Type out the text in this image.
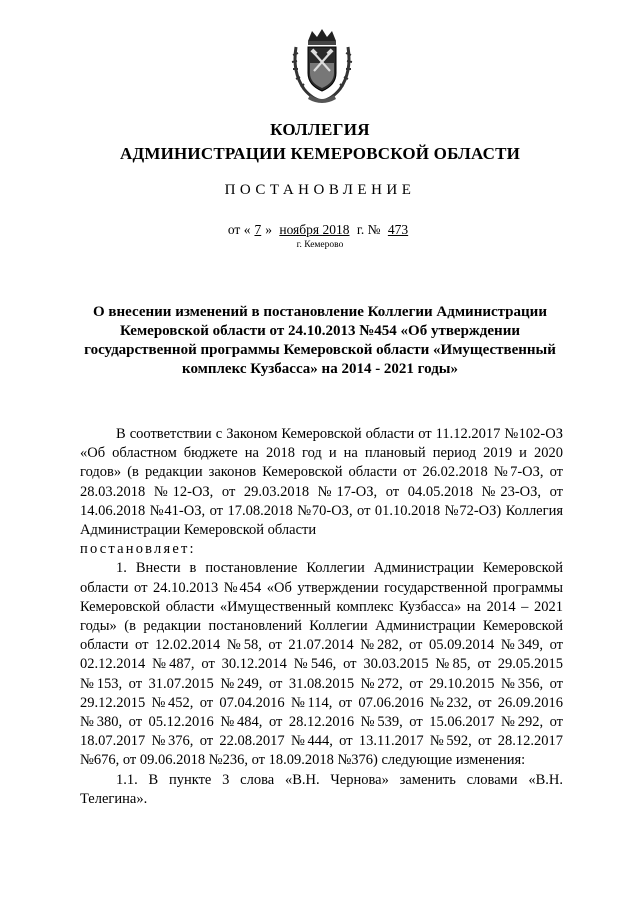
КОЛЛЕГИЯ
АДМИНИСТРАЦИИ КЕМЕРОВСКОЙ ОБЛАСТИ
ПОСТАНОВЛЕНИЕ
от « 7 » ноября 2018 г. № 473
г. Кемерово
О внесении изменений в постановление Коллегии Администрации Кемеровской области от 24.10.2013 №454 «Об утверждении государственной программы Кемеровской области «Имущественный комплекс Кузбасса» на 2014 - 2021 годы»

В соответствии с Законом Кемеровской области от 11.12.2017 №102-ОЗ «Об областном бюджете на 2018 год и на плановый период 2019 и 2020 годов» (в редакции законов Кемеровской области от 26.02.2018 №7-ОЗ, от 28.03.2018 №12-ОЗ, от 29.03.2018 №17-ОЗ, от 04.05.2018 №23-ОЗ, от 14.06.2018 №41-ОЗ, от 17.08.2018 №70-ОЗ, от 01.10.2018 №72-ОЗ) Коллегия Администрации Кемеровской области

постановляет:

1. Внести в постановление Коллегии Администрации Кемеровской области от 24.10.2013 №454 «Об утверждении государственной программы Кемеровской области «Имущественный комплекс Кузбасса» на 2014 – 2021 годы» (в редакции постановлений Коллегии Администрации Кемеровской области от 12.02.2014 №58, от 21.07.2014 №282, от 05.09.2014 №349, от 02.12.2014 №487, от 30.12.2014 №546, от 30.03.2015 №85, от 29.05.2015 №153, от 31.07.2015 №249, от 31.08.2015 №272, от 29.10.2015 №356, от 29.12.2015 №452, от 07.04.2016 №114, от 07.06.2016 №232, от 26.09.2016 №380, от 05.12.2016 №484, от 28.12.2016 №539, от 15.06.2017 №292, от 18.07.2017 №376, от 22.08.2017 №444, от 13.11.2017 №592, от 28.12.2017 №676, от 09.06.2018 №236, от 18.09.2018 №376) следующие изменения:

1.1. В пункте 3 слова «В.Н. Чернова» заменить словами «В.Н. Телегина».
